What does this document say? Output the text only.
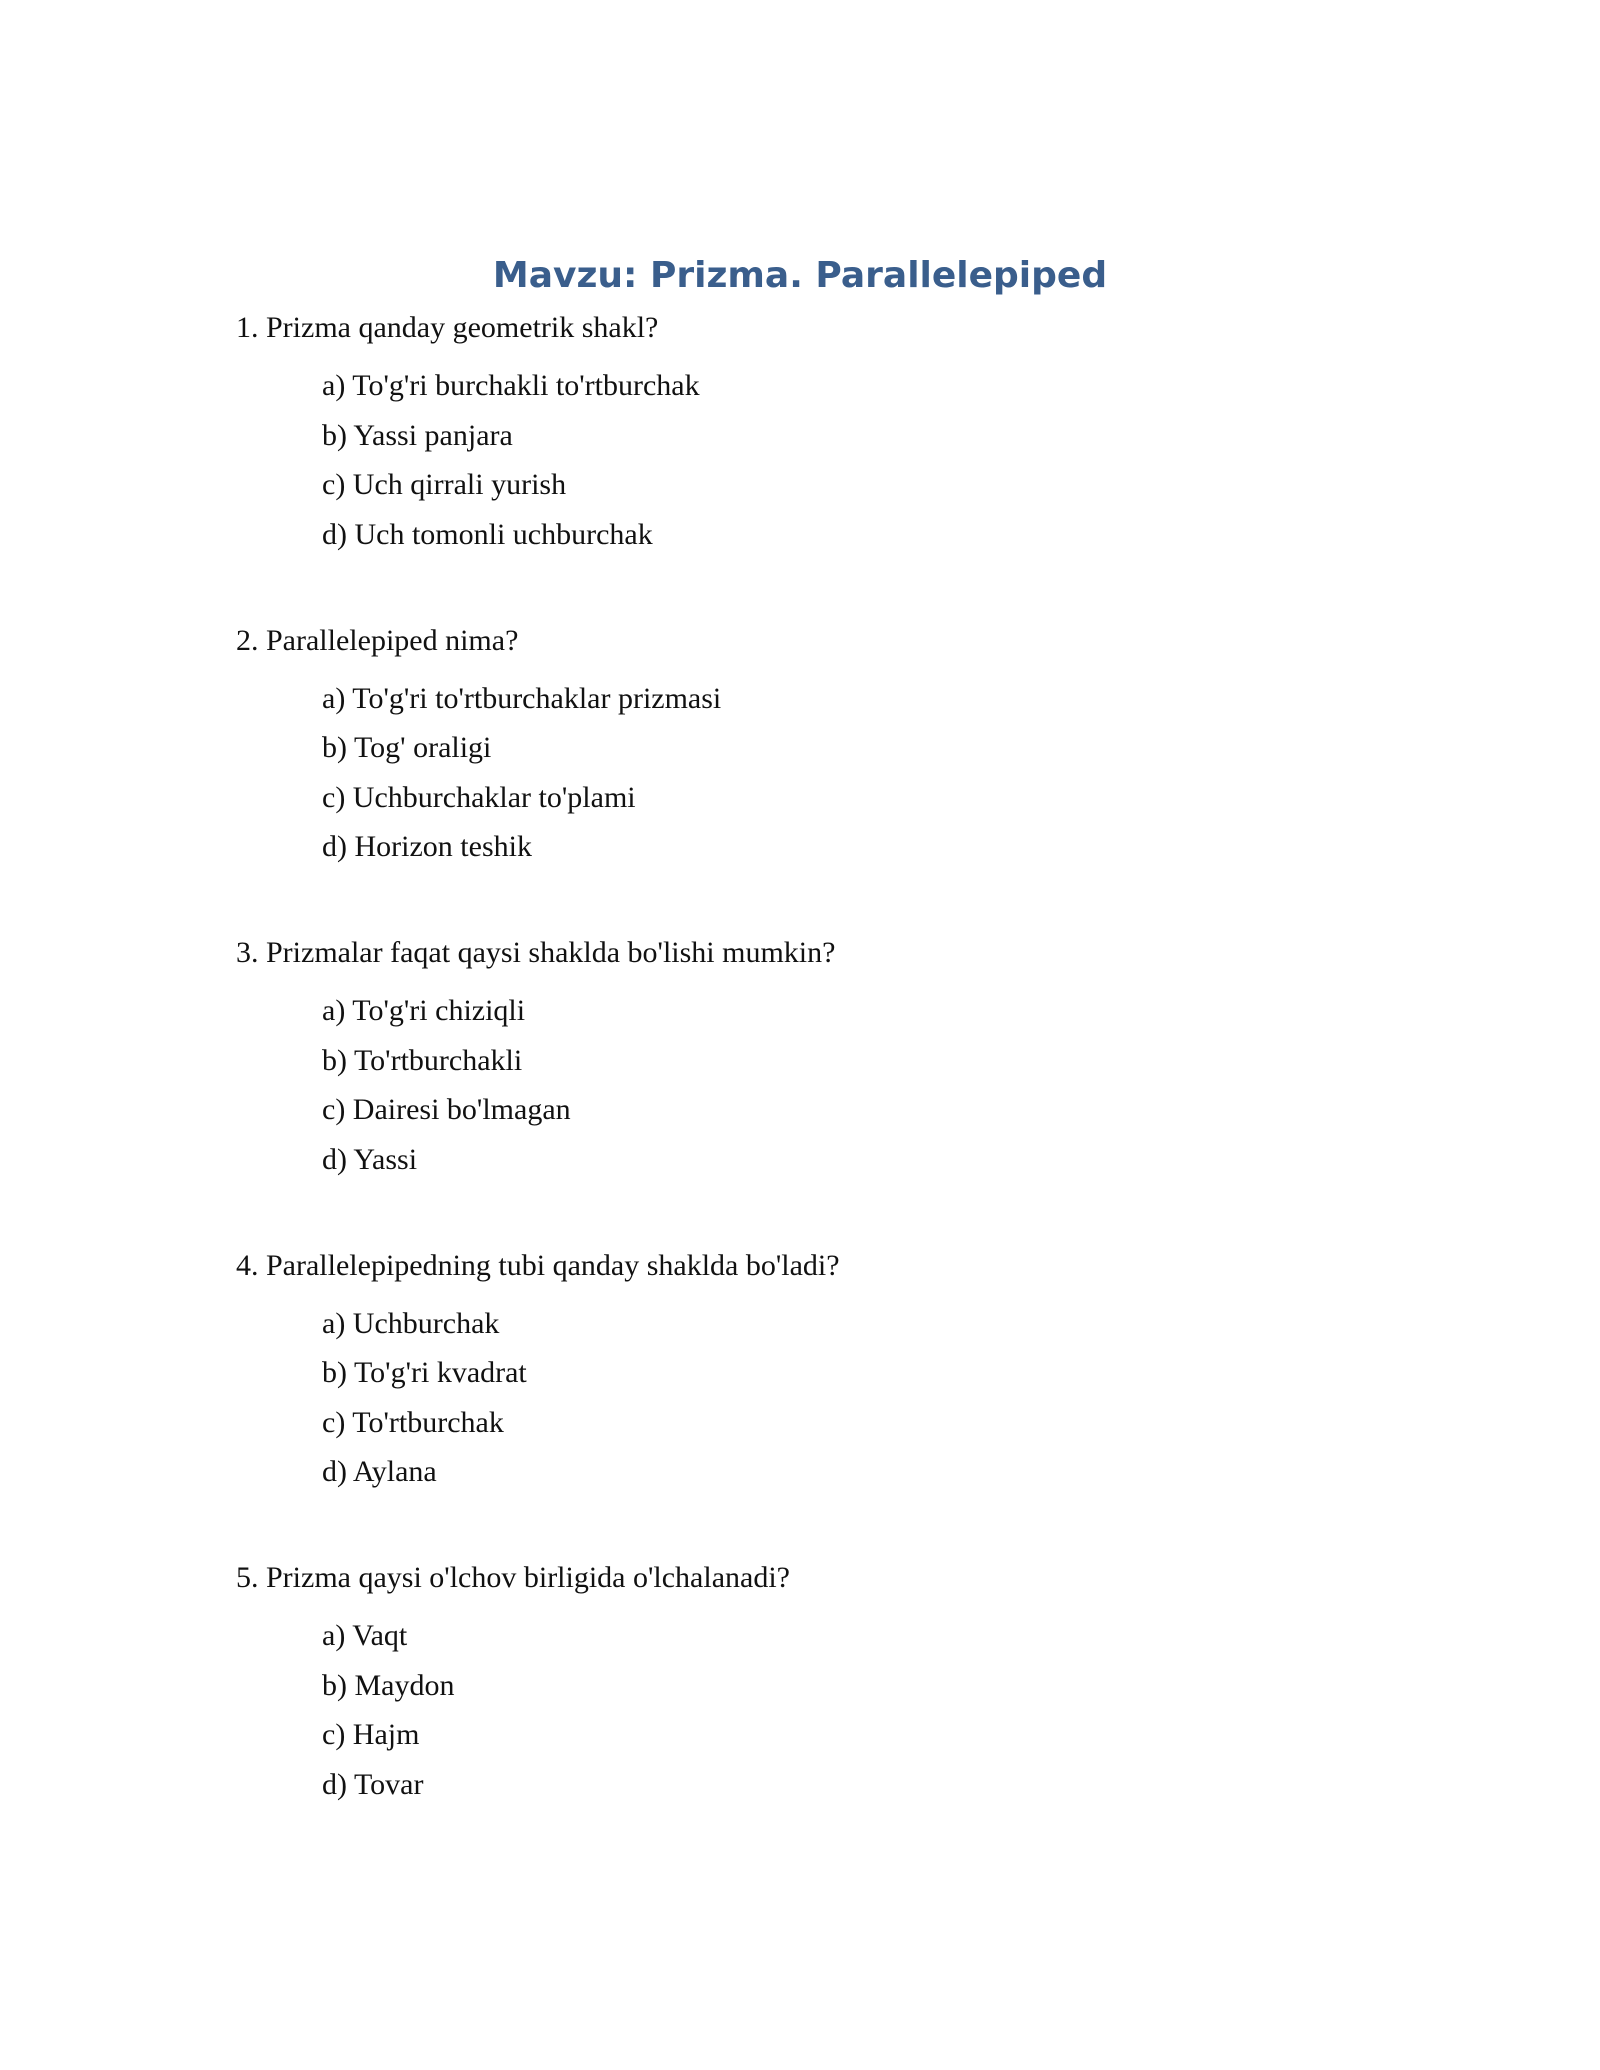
Mavzu: Prizma. Parallelepiped
1. Prizma qanday geometrik shakl?
a) To'g'ri burchakli to'rtburchak
b) Yassi panjara
c) Uch qirrali yurish
d) Uch tomonli uchburchak
2. Parallelepiped nima?
a) To'g'ri to'rtburchaklar prizmasi
b) Tog' oraligi
c) Uchburchaklar to'plami
d) Horizon teshik
3. Prizmalar faqat qaysi shaklda bo'lishi mumkin?
a) To'g'ri chiziqli
b) To'rtburchakli
c) Dairesi bo'lmagan
d) Yassi
4. Parallelepipedning tubi qanday shaklda bo'ladi?
a) Uchburchak
b) To'g'ri kvadrat
c) To'rtburchak
d) Aylana
5. Prizma qaysi o'lchov birligida o'lchalanadi?
a) Vaqt
b) Maydon
c) Hajm
d) Tovar
